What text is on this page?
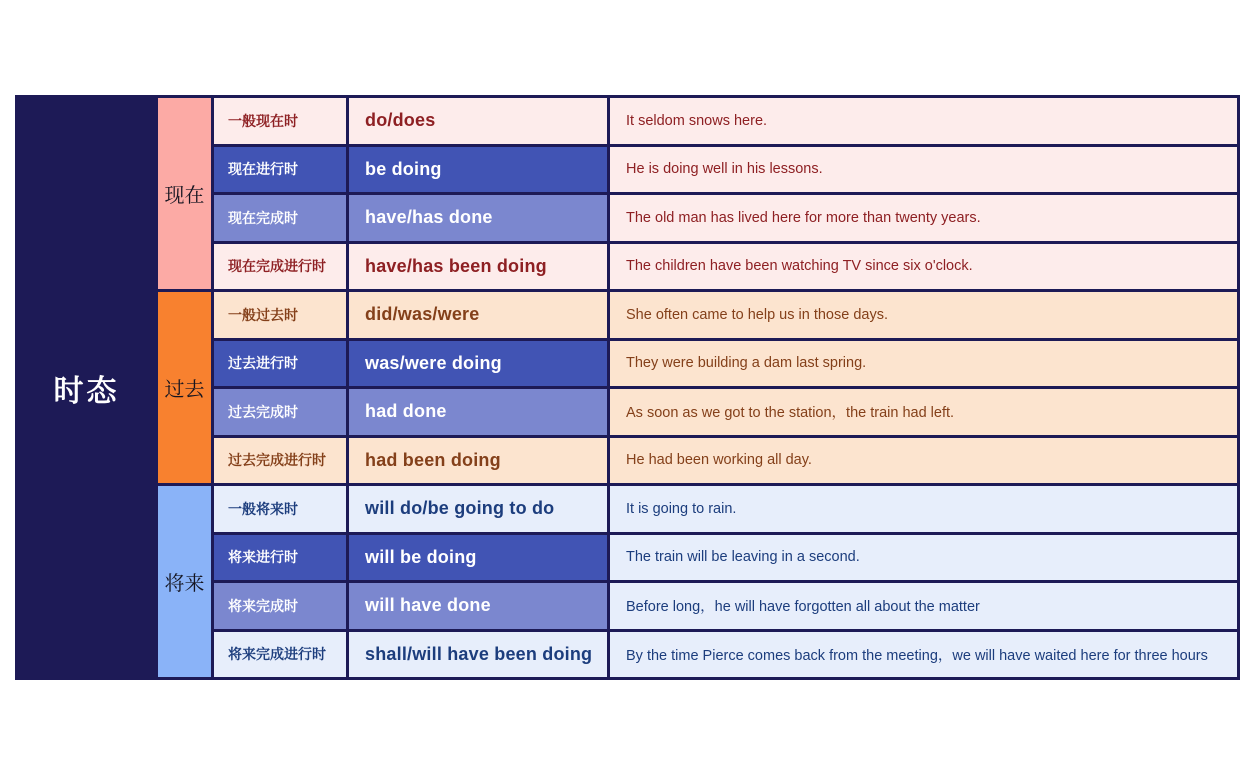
时态
现在
过去
将来
一般现在时	do/does	It seldom snows here.
现在进行时	be doing	He is doing well in his lessons.
现在完成时	have/has done	The old man has lived here for more than twenty years.
现在完成进行时	have/has been doing	The children have been watching TV since six o'clock.
一般过去时	did/was/were	She often came to help us in those days.
过去进行时	was/were doing	They were building a dam last spring.
过去完成时	had done	As soon as we got to the station，the train had left.
过去完成进行时	had been doing	He had been working all day.
一般将来时	will do/be going to do	It is going to rain.
将来进行时	will be doing	The train will be leaving in a second.
将来完成时	will have done	Before long，he will have forgotten all about the matter
将来完成进行时	shall/will have been doing	By the time Pierce comes back from the meeting，we will have waited here for three hours
